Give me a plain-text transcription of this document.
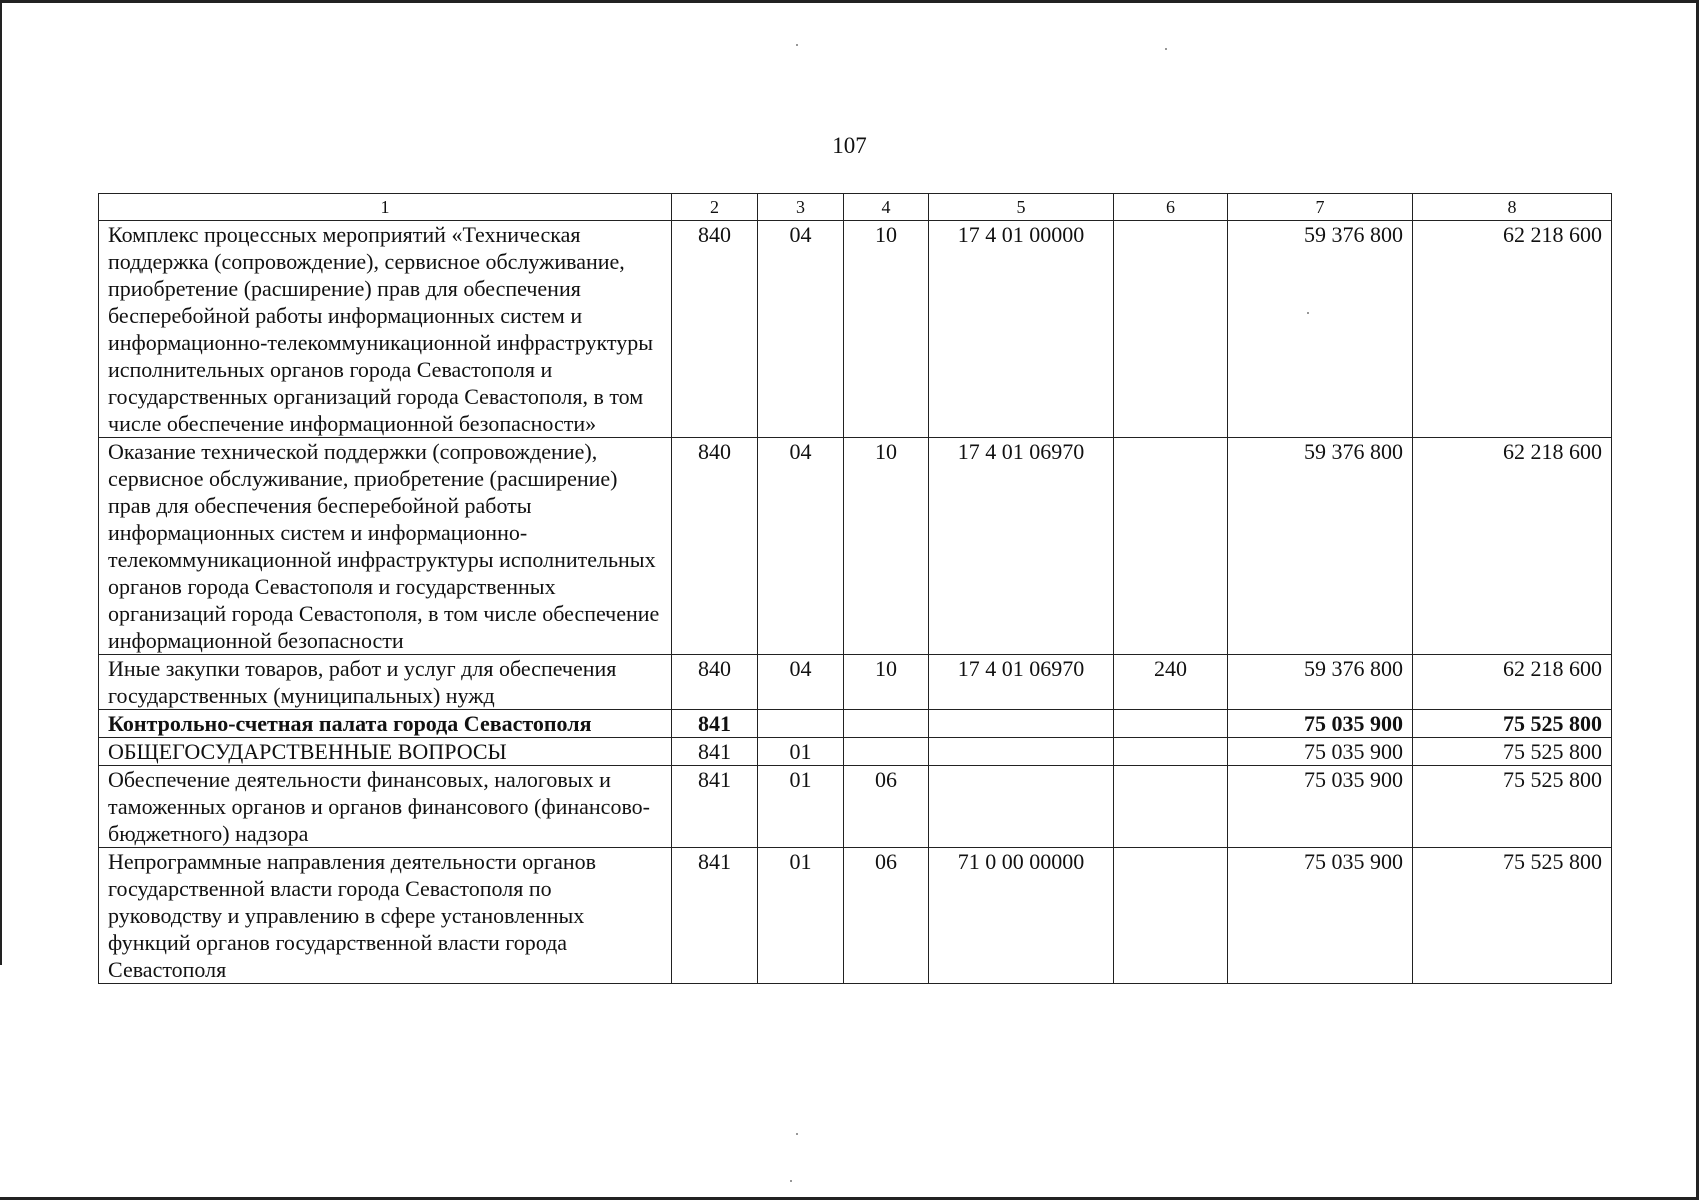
107
1	2	3	4	5	6	7	8
Комплекс процессных мероприятий «Техническая поддержка (сопровождение), сервисное обслуживание, приобретение (расширение) прав для обеспечения бесперебойной работы информационных систем и информационно-телекоммуникационной инфраструктуры исполнительных органов города Севастополя и государственных организаций города Севастополя, в том числе обеспечение информационной безопасности»	840	04	10	17 4 01 00000		59 376 800	62 218 600
Оказание технической поддержки (сопровождение), сервисное обслуживание, приобретение (расширение) прав для обеспечения бесперебойной работы информационных систем и информационно-телекоммуникационной инфраструктуры исполнительных органов города Севастополя и государственных организаций города Севастополя, в том числе обеспечение информационной безопасности	840	04	10	17 4 01 06970		59 376 800	62 218 600
Иные закупки товаров, работ и услуг для обеспечения государственных (муниципальных) нужд	840	04	10	17 4 01 06970	240	59 376 800	62 218 600
Контрольно-счетная палата города Севастополя	841					75 035 900	75 525 800
ОБЩЕГОСУДАРСТВЕННЫЕ ВОПРОСЫ	841	01				75 035 900	75 525 800
Обеспечение деятельности финансовых, налоговых и таможенных органов и органов финансового (финансово-бюджетного) надзора	841	01	06			75 035 900	75 525 800
Непрограммные направления деятельности органов государственной власти города Севастополя по руководству и управлению в сфере установленных функций органов государственной власти города Севастополя	841	01	06	71 0 00 00000		75 035 900	75 525 800
